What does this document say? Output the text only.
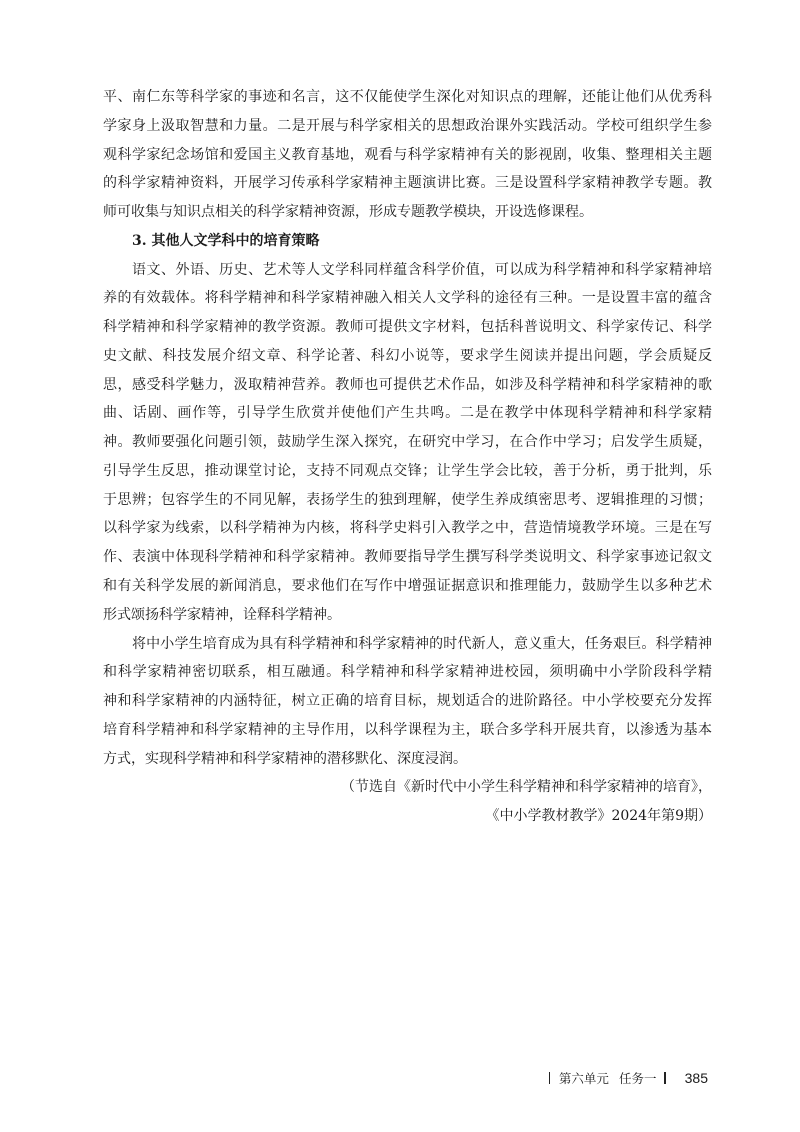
平、南仁东等科学家的事迹和名言，这不仅能使学生深化对知识点的理解，还能让他们从优秀科
学家身上汲取智慧和力量。二是开展与科学家相关的思想政治课外实践活动。学校可组织学生参
观科学家纪念场馆和爱国主义教育基地，观看与科学家精神有关的影视剧，收集、整理相关主题
的科学家精神资料，开展学习传承科学家精神主题演讲比赛。三是设置科学家精神教学专题。教
师可收集与知识点相关的科学家精神资源，形成专题教学模块，开设选修课程。
3. 其他人文学科中的培育策略
语文、外语、历史、艺术等人文学科同样蕴含科学价值，可以成为科学精神和科学家精神培
养的有效载体。将科学精神和科学家精神融入相关人文学科的途径有三种。一是设置丰富的蕴含
科学精神和科学家精神的教学资源。教师可提供文字材料，包括科普说明文、科学家传记、科学
史文献、科技发展介绍文章、科学论著、科幻小说等，要求学生阅读并提出问题，学会质疑反
思，感受科学魅力，汲取精神营养。教师也可提供艺术作品，如涉及科学精神和科学家精神的歌
曲、话剧、画作等，引导学生欣赏并使他们产生共鸣。二是在教学中体现科学精神和科学家精
神。教师要强化问题引领，鼓励学生深入探究，在研究中学习，在合作中学习；启发学生质疑，
引导学生反思，推动课堂讨论，支持不同观点交锋；让学生学会比较，善于分析，勇于批判，乐
于思辨；包容学生的不同见解，表扬学生的独到理解，使学生养成缜密思考、逻辑推理的习惯；
以科学家为线索，以科学精神为内核，将科学史料引入教学之中，营造情境教学环境。三是在写
作、表演中体现科学精神和科学家精神。教师要指导学生撰写科学类说明文、科学家事迹记叙文
和有关科学发展的新闻消息，要求他们在写作中增强证据意识和推理能力，鼓励学生以多种艺术
形式颂扬科学家精神，诠释科学精神。
将中小学生培育成为具有科学精神和科学家精神的时代新人，意义重大，任务艰巨。科学精神
和科学家精神密切联系，相互融通。科学精神和科学家精神进校园，须明确中小学阶段科学精
神和科学家精神的内涵特征，树立正确的培育目标，规划适合的进阶路径。中小学校要充分发挥
培育科学精神和科学家精神的主导作用，以科学课程为主，联合多学科开展共育，以渗透为基本
方式，实现科学精神和科学家精神的潜移默化、深度浸润。
（节选自《新时代中小学生科学精神和科学家精神的培育》，
《中小学教材教学》2024年第9期）
第六单元 任务一 385
